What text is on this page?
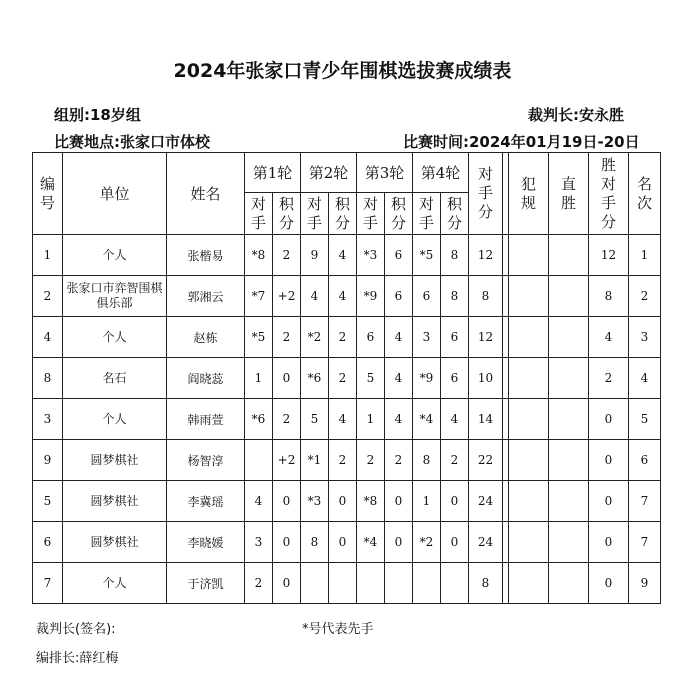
2024年张家口青少年围棋选拔赛成绩表
组别:18岁组	裁判长:安永胜
比赛地点:张家口市体校	比赛时间:2024年01月19日-20日
编号	单位	姓名	第1轮		第2轮		第3轮		第4轮		对手分		犯规	直胜	胜对手分	名次
			对手	积分	对手	积分	对手	积分	对手	积分						
1	个人	张楷易	*8	2	9	4	*3	6	*5	8	12				12	1
2	张家口市弈智围棋俱乐部	郭湘云	*7	+2	4	4	*9	6	6	8	8				8	2
4	个人	赵栋	*5	2	*2	2	6	4	3	6	12				4	3
8	名石	阎晓蕊	1	0	*6	2	5	4	*9	6	10				2	4
3	个人	韩雨萱	*6	2	5	4	1	4	*4	4	14				0	5
9	圆梦棋社	杨智淳		+2	*1	2	2	2	8	2	22				0	6
5	圆梦棋社	李冀瑶	4	0	*3	0	*8	0	1	0	24				0	7
6	圆梦棋社	李晓媛	3	0	8	0	*4	0	*2	0	24				0	7
7	个人	于济凯	2	0							8				0	9
裁判长(签名):	*号代表先手
编排长:薛红梅
